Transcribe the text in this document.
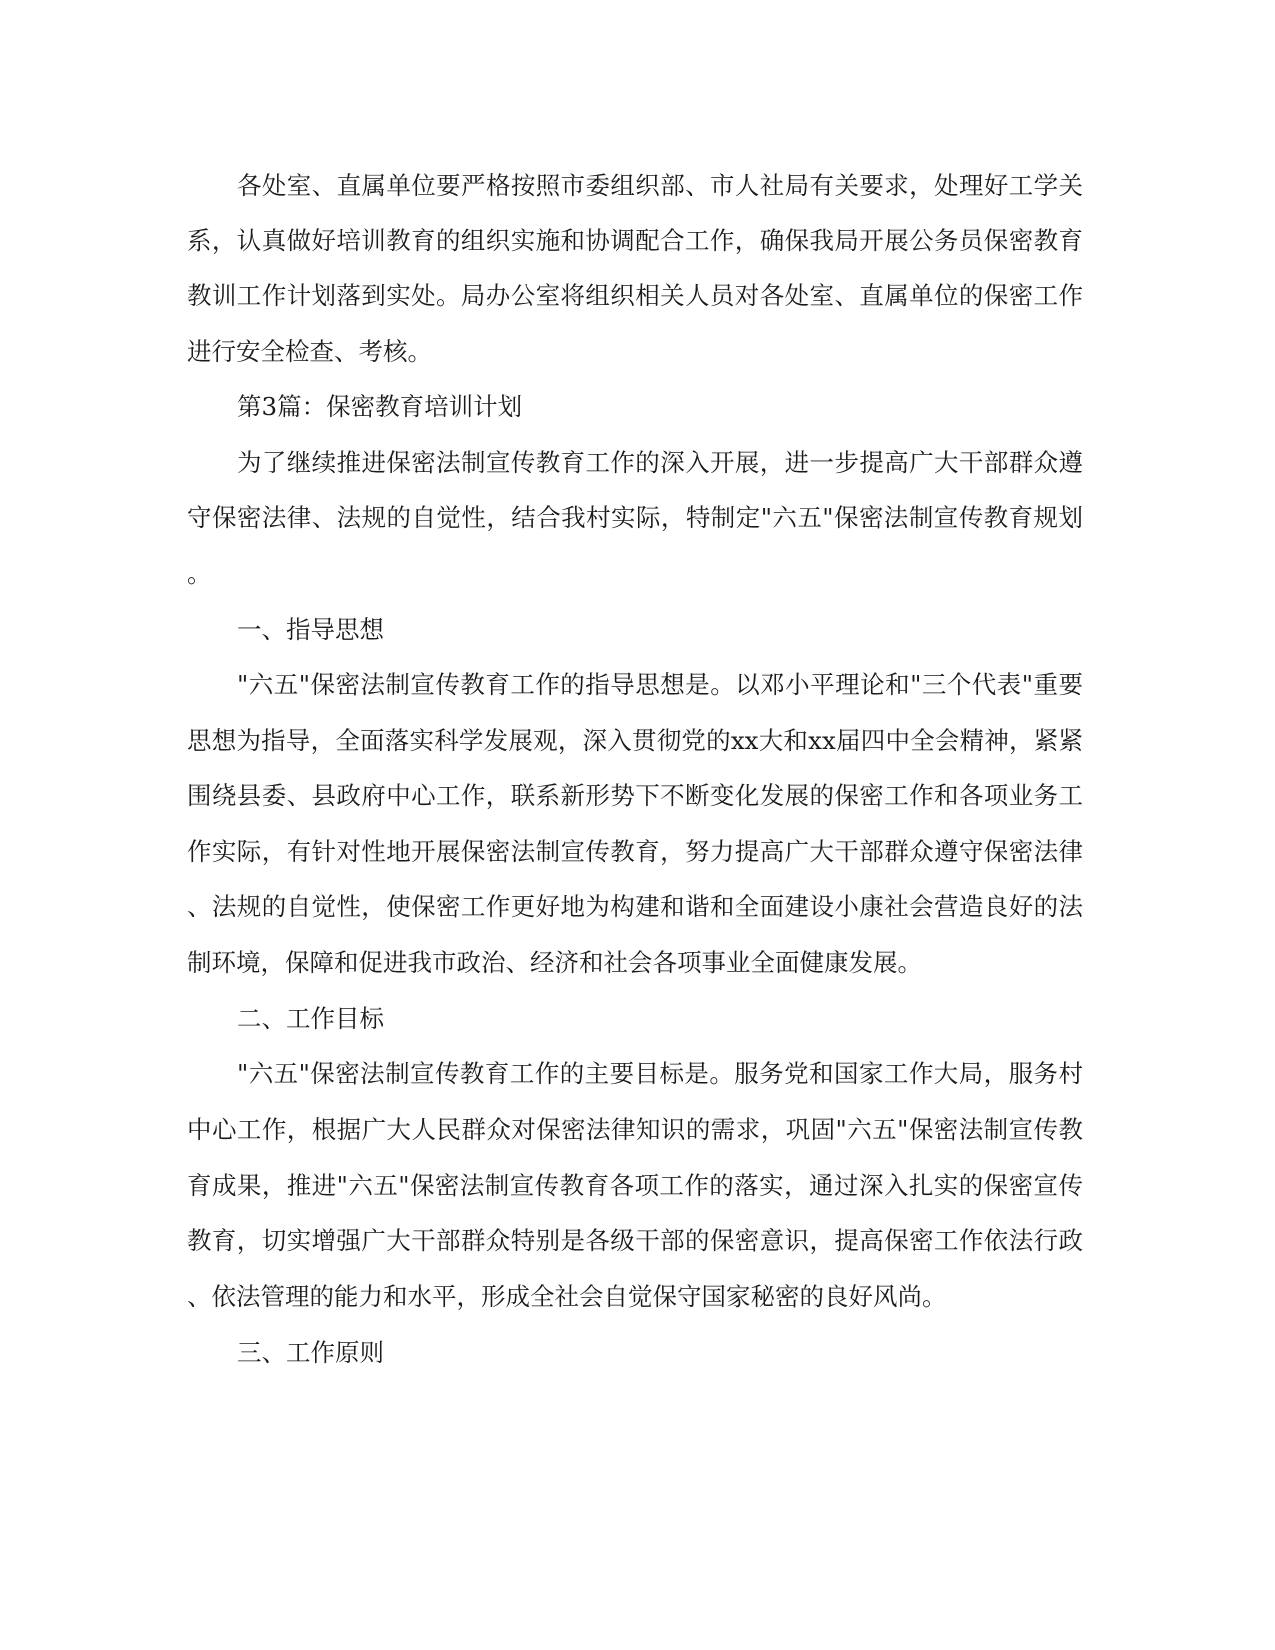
各处室、直属单位要严格按照市委组织部、市人社局有关要求，处理好工学关
系，认真做好培训教育的组织实施和协调配合工作，确保我局开展公务员保密教育
教训工作计划落到实处。局办公室将组织相关人员对各处室、直属单位的保密工作
进行安全检查、考核。
第3篇：保密教育培训计划
为了继续推进保密法制宣传教育工作的深入开展，进一步提高广大干部群众遵
守保密法律、法规的自觉性，结合我村实际，特制定"六五"保密法制宣传教育规划
。
一、指导思想
"六五"保密法制宣传教育工作的指导思想是。以邓小平理论和"三个代表"重要
思想为指导，全面落实科学发展观，深入贯彻党的xx大和xx届四中全会精神，紧紧
围绕县委、县政府中心工作，联系新形势下不断变化发展的保密工作和各项业务工
作实际，有针对性地开展保密法制宣传教育，努力提高广大干部群众遵守保密法律
、法规的自觉性，使保密工作更好地为构建和谐和全面建设小康社会营造良好的法
制环境，保障和促进我市政治、经济和社会各项事业全面健康发展。
二、工作目标
"六五"保密法制宣传教育工作的主要目标是。服务党和国家工作大局，服务村
中心工作，根据广大人民群众对保密法律知识的需求，巩固"六五"保密法制宣传教
育成果，推进"六五"保密法制宣传教育各项工作的落实，通过深入扎实的保密宣传
教育，切实增强广大干部群众特别是各级干部的保密意识，提高保密工作依法行政
、依法管理的能力和水平，形成全社会自觉保守国家秘密的良好风尚。
三、工作原则
